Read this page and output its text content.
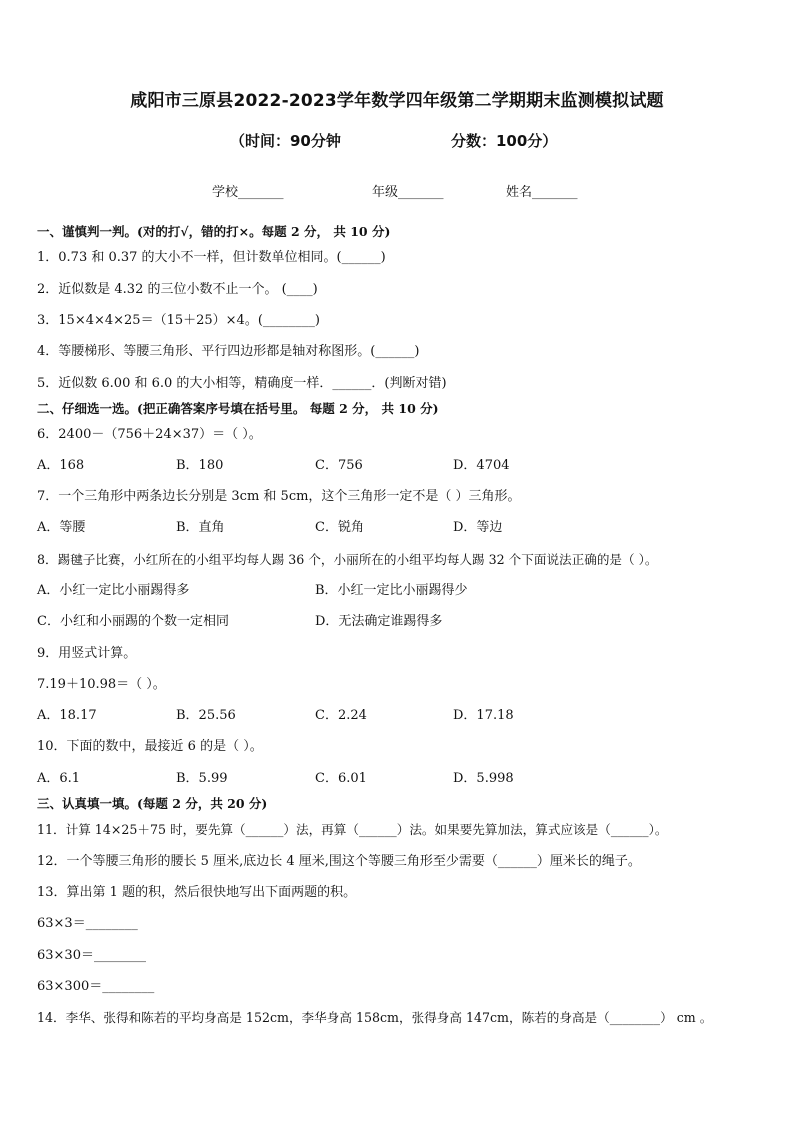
咸阳市三原县2022-2023学年数学四年级第二学期期末监测模拟试题
（时间：90分钟	分数：100分）
学校_______	年级_______	姓名_______
一、谨慎判一判。(对的打√，错的打×。每题 2 分， 共 10 分)
1．0.73 和 0.37 的大小不一样，但计数单位相同。(______)
2．近似数是 4.32 的三位小数不止一个。 (____)
3．15×4×4×25＝（15＋25）×4。(________)
4．等腰梯形、等腰三角形、平行四边形都是轴对称图形。(______)
5．近似数 6.00 和 6.0 的大小相等，精确度一样．______．(判断对错)
二、仔细选一选。(把正确答案序号填在括号里。 每题 2 分， 共 10 分)
6．2400－（756＋24×37）＝（ ）。
A．168	B．180	C．756	D．4704
7．一个三角形中两条边长分别是 3cm 和 5cm，这个三角形一定不是（ ）三角形。
A．等腰	B．直角	C．锐角	D．等边
8．踢毽子比赛，小红所在的小组平均每人踢 36 个，小丽所在的小组平均每人踢 32 个下面说法正确的是（ ）。
A．小红一定比小丽踢得多	B．小红一定比小丽踢得少
C．小红和小丽踢的个数一定相同	D．无法确定谁踢得多
9．用竖式计算。
7.19＋10.98＝（ ）。
A．18.17	B．25.56	C．2.24	D．17.18
10．下面的数中，最接近 6 的是（ ）。
A．6.1	B．5.99	C．6.01	D．5.998
三、认真填一填。(每题 2 分，共 20 分)
11．计算 14×25＋75 时，要先算（______）法，再算（______）法。如果要先算加法，算式应该是（______）。
12．一个等腰三角形的腰长 5 厘米,底边长 4 厘米,围这个等腰三角形至少需要（______）厘米长的绳子。
13．算出第 1 题的积，然后很快地写出下面两题的积。
63×3＝________
63×30＝________
63×300＝________
14．李华、张得和陈若的平均身高是 152cm，李华身高 158cm，张得身高 147cm，陈若的身高是（________） cm 。
